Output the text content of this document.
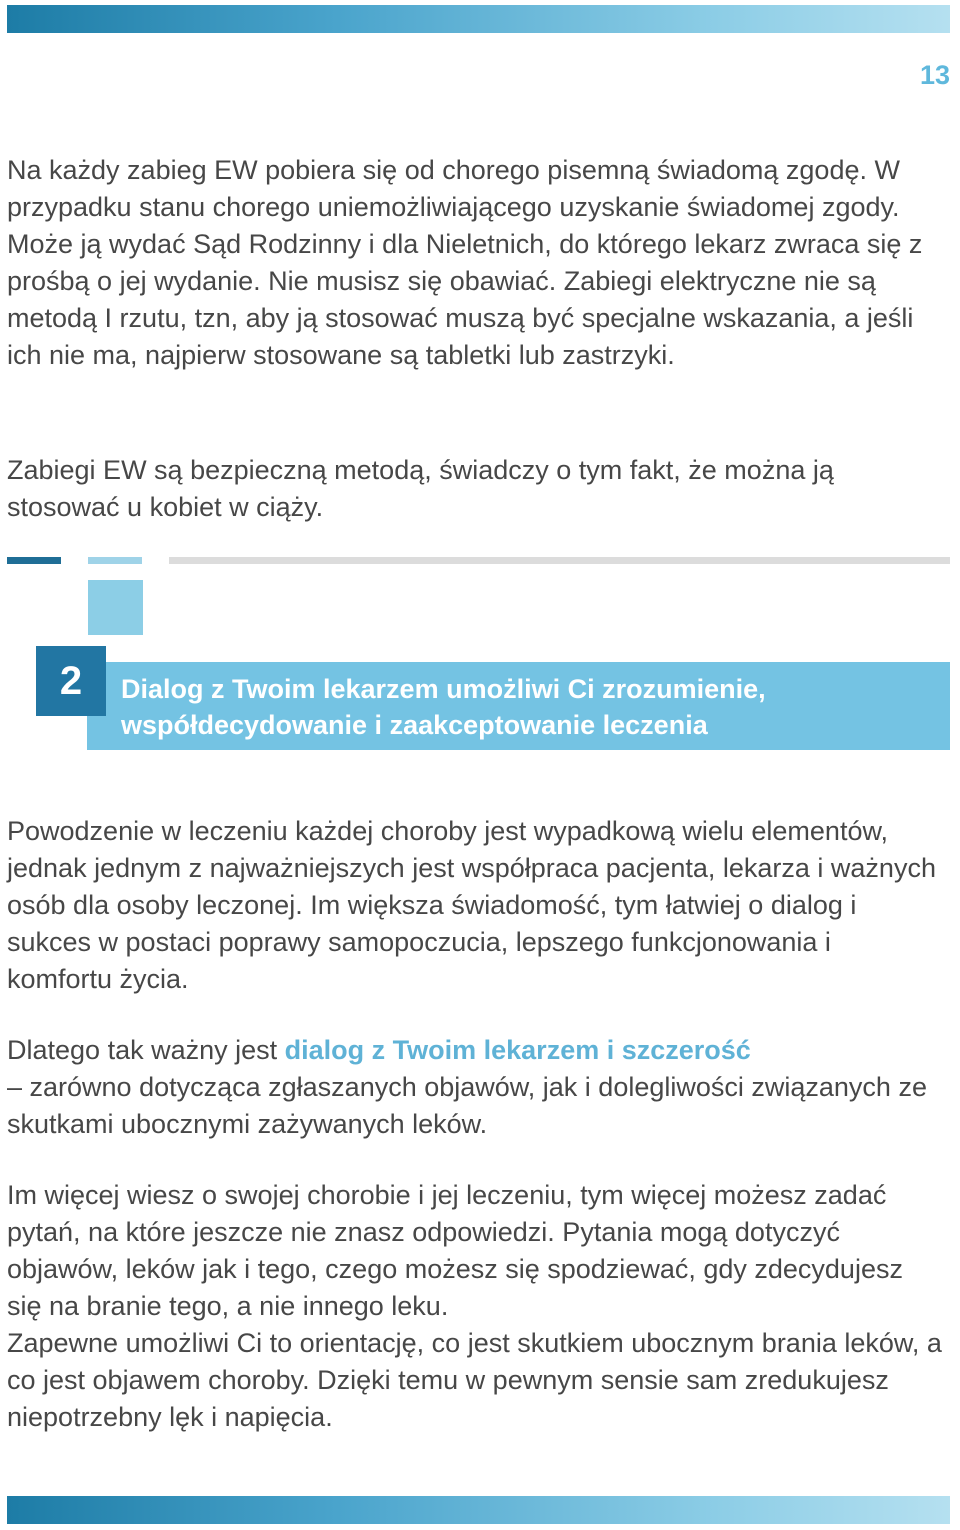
13

Na każdy zabieg EW pobiera się od chorego pisemną świadomą zgodę. W przypadku stanu chorego uniemożliwiającego uzyskanie świadomej zgody. Może ją wydać Sąd Rodzinny i dla Nieletnich, do którego lekarz zwraca się z prośbą o jej wydanie. Nie musisz się obawiać. Zabiegi elektryczne nie są metodą I rzutu, tzn, aby ją stosować muszą być specjalne wskazania, a jeśli ich nie ma, najpierw stosowane są tabletki lub zastrzyki.

Zabiegi EW są bezpieczną metodą, świadczy o tym fakt, że można ją stosować u kobiet w ciąży.

2	Dialog z Twoim lekarzem umożliwi Ci zrozumienie,
współdecydowanie i zaakceptowanie leczenia

Powodzenie w leczeniu każdej choroby jest wypadkową wielu elementów, jednak jednym z najważniejszych jest współpraca pacjenta, lekarza i ważnych osób dla osoby leczonej. Im większa świadomość, tym łatwiej o dialog i sukces w postaci poprawy samopoczucia, lepszego funkcjonowania i komfortu życia.

Dlatego tak ważny jest dialog z Twoim lekarzem i szczerość
– zarówno dotycząca zgłaszanych objawów, jak i dolegliwości związanych ze skutkami ubocznymi zażywanych leków.

Im więcej wiesz o swojej chorobie i jej leczeniu, tym więcej możesz zadać pytań, na które jeszcze nie znasz odpowiedzi. Pytania mogą dotyczyć objawów, leków jak i tego, czego możesz się spodziewać, gdy zdecydujesz się na branie tego, a nie innego leku.
Zapewne umożliwi Ci to orientację, co jest skutkiem ubocznym brania leków, a co jest objawem choroby. Dzięki temu w pewnym sensie sam zredukujesz niepotrzebny lęk i napięcia.
